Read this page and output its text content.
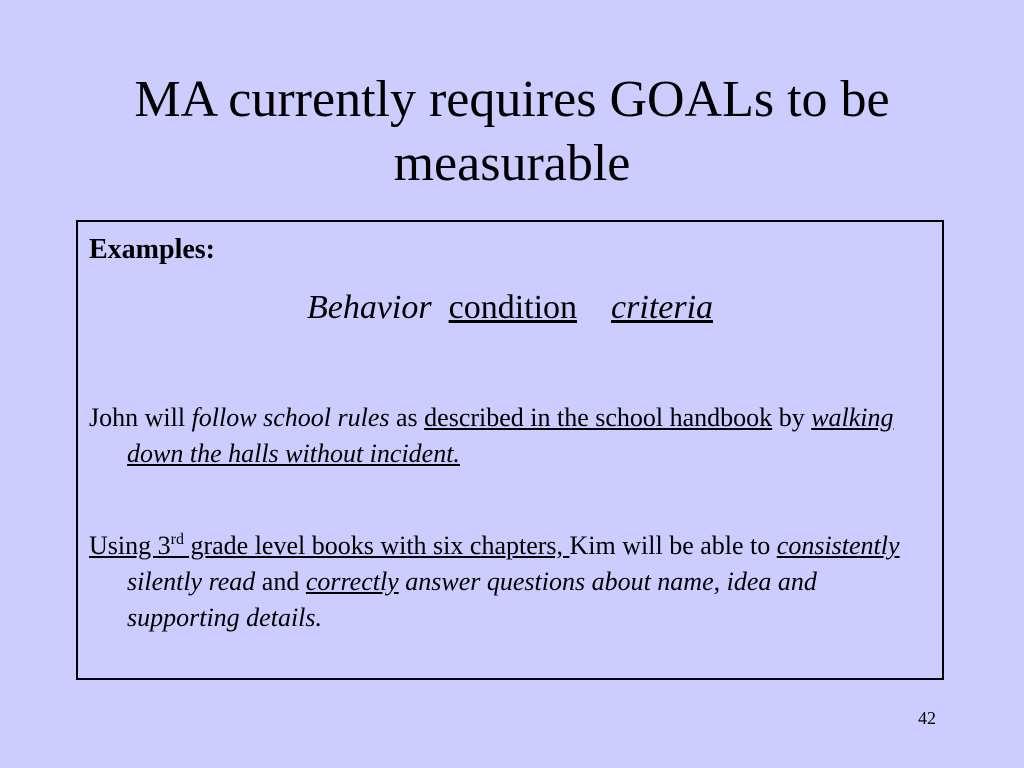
MA currently requires GOALs to be measurable
Examples:
Behavior condition criteria
John will follow school rules as described in the school handbook by walking down the halls without incident.
Using 3rd grade level books with six chapters, Kim will be able to consistently silently read and correctly answer questions about name, idea and supporting details.
42
